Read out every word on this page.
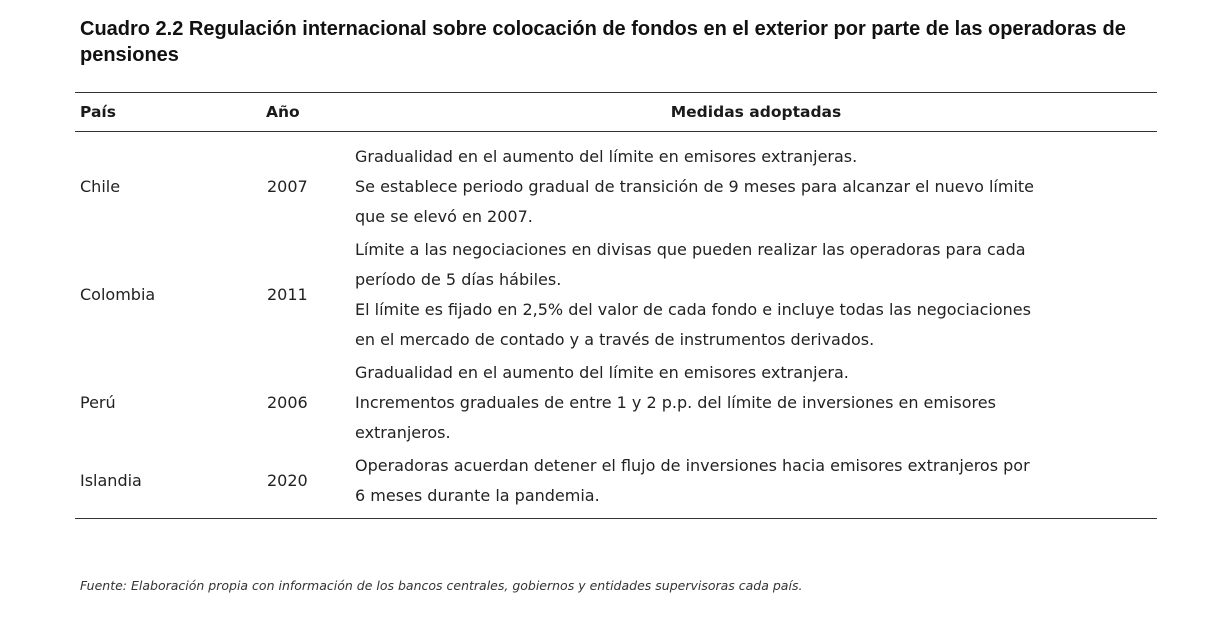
Cuadro 2.2 Regulación internacional sobre colocación de fondos en el exterior por parte de las operadoras de pensiones
País	Año	Medidas adoptadas
Chile	2007
Gradualidad en el aumento del límite en emisores extranjeras.
Se establece periodo gradual de transición de 9 meses para alcanzar el nuevo límite
que se elevó en 2007.
Colombia	2011
Límite a las negociaciones en divisas que pueden realizar las operadoras para cada
período de 5 días hábiles.
El límite es fijado en 2,5% del valor de cada fondo e incluye todas las negociaciones
en el mercado de contado y a través de instrumentos derivados.
Perú	2006
Gradualidad en el aumento del límite en emisores extranjera.
Incrementos graduales de entre 1 y 2 p.p. del límite de inversiones en emisores
extranjeros.
Islandia	2020
Operadoras acuerdan detener el flujo de inversiones hacia emisores extranjeros por
6 meses durante la pandemia.
Fuente: Elaboración propia con información de los bancos centrales, gobiernos y entidades supervisoras cada país.
